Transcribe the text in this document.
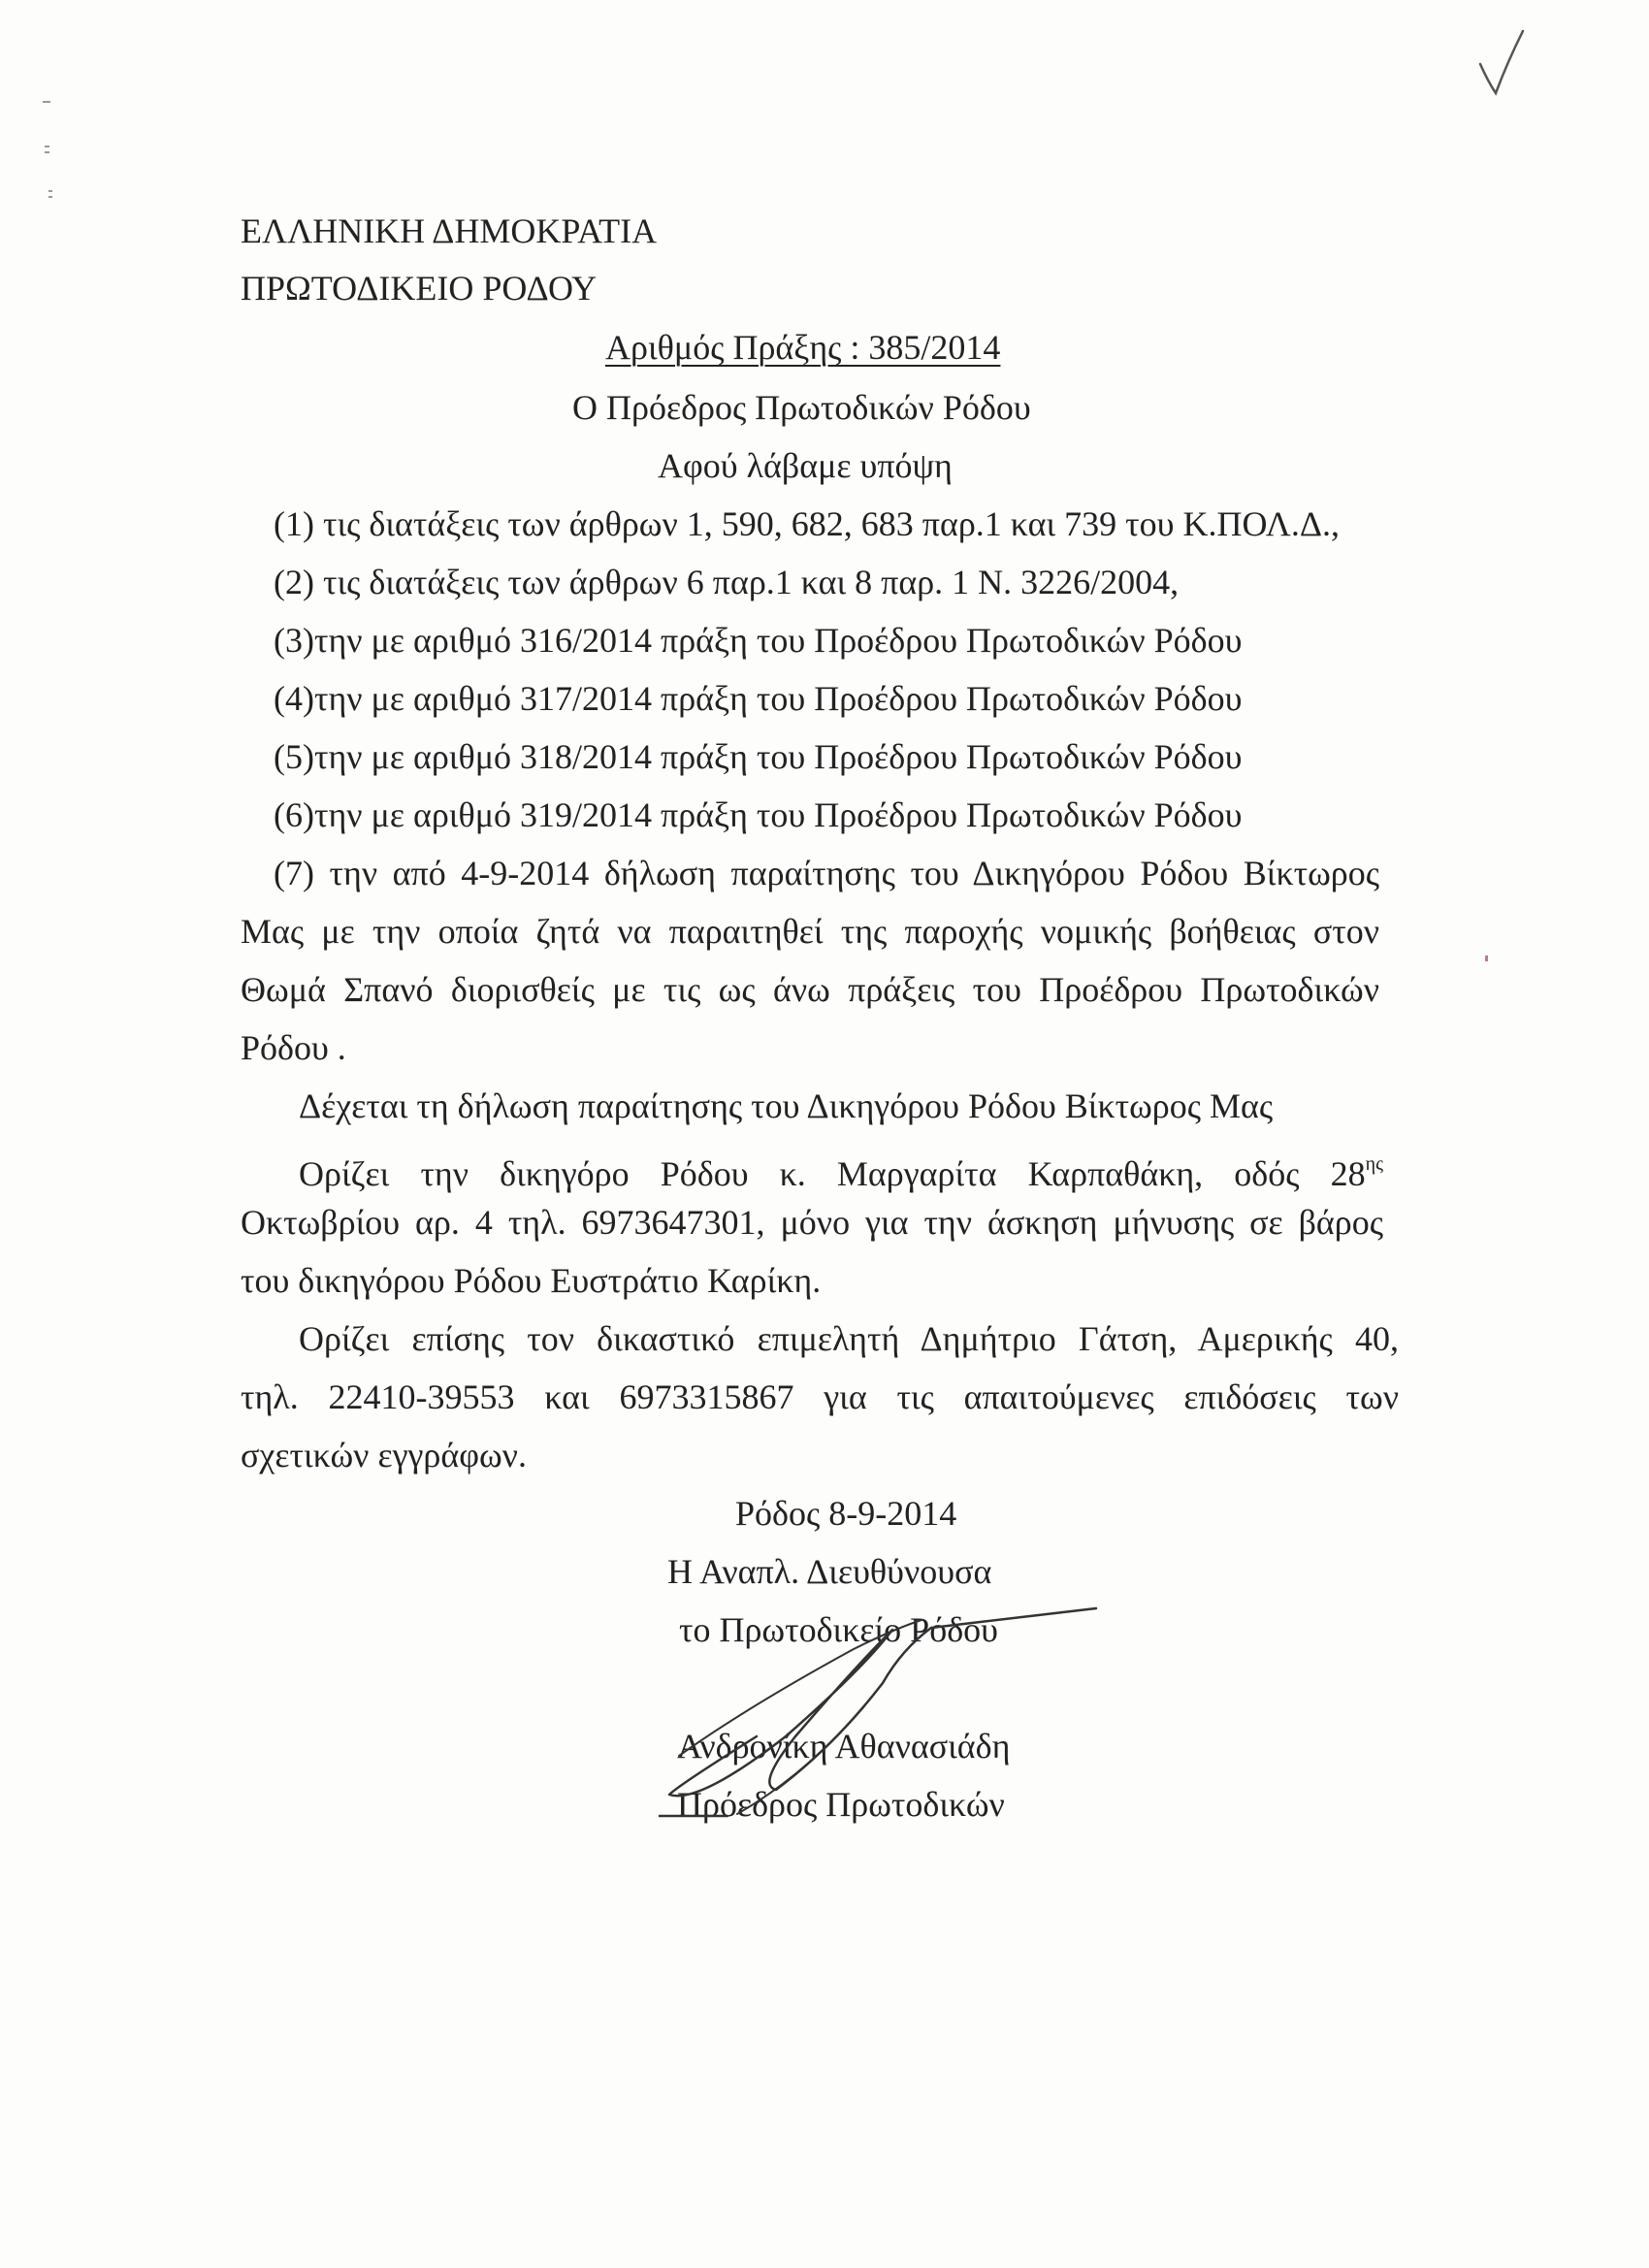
ΕΛΛΗΝΙΚΗ ΔΗΜΟΚΡΑΤΙΑ
ΠΡΩΤΟΔΙΚΕΙΟ ΡΟΔΟΥ
Αριθμός Πράξης : 385/2014
Ο Πρόεδρος Πρωτοδικών Ρόδου
Αφού λάβαμε υπόψη
(1) τις διατάξεις των άρθρων 1, 590, 682, 683 παρ.1 και 739 του Κ.ΠΟΛ.Δ.,
(2) τις διατάξεις των άρθρων 6 παρ.1 και 8 παρ. 1 Ν. 3226/2004,
(3)την με αριθμό 316/2014 πράξη του Προέδρου Πρωτοδικών Ρόδου
(4)την με αριθμό 317/2014 πράξη του Προέδρου Πρωτοδικών Ρόδου
(5)την με αριθμό 318/2014 πράξη του Προέδρου Πρωτοδικών Ρόδου
(6)την με αριθμό 319/2014 πράξη του Προέδρου Πρωτοδικών Ρόδου
(7) την από 4-9-2014 δήλωση παραίτησης του Δικηγόρου Ρόδου Βίκτωρος
Μας με την οποία ζητά να παραιτηθεί της παροχής νομικής βοήθειας στον
Θωμά Σπανό διορισθείς με τις ως άνω πράξεις του Προέδρου Πρωτοδικών
Ρόδου .
Δέχεται τη δήλωση παραίτησης του Δικηγόρου Ρόδου Βίκτωρος Μας
Ορίζει την δικηγόρο Ρόδου κ. Μαργαρίτα Καρπαθάκη, οδός $28^{\eta\varsigma}$
Οκτωβρίου αρ. 4 τηλ. 6973647301, μόνο για την άσκηση μήνυσης σε βάρος
του δικηγόρου Ρόδου Ευστράτιο Καρίκη.
Ορίζει επίσης τον δικαστικό επιμελητή Δημήτριο Γάτση, Αμερικής 40,
τηλ. 22410-39553 και 6973315867 για τις απαιτούμενες επιδόσεις των
σχετικών εγγράφων.
Ρόδος 8-9-2014
Η Αναπλ. Διευθύνουσα
το Πρωτοδικείο Ρόδου
Ανδρονίκη Αθανασιάδη
Πρόεδρος Πρωτοδικών
